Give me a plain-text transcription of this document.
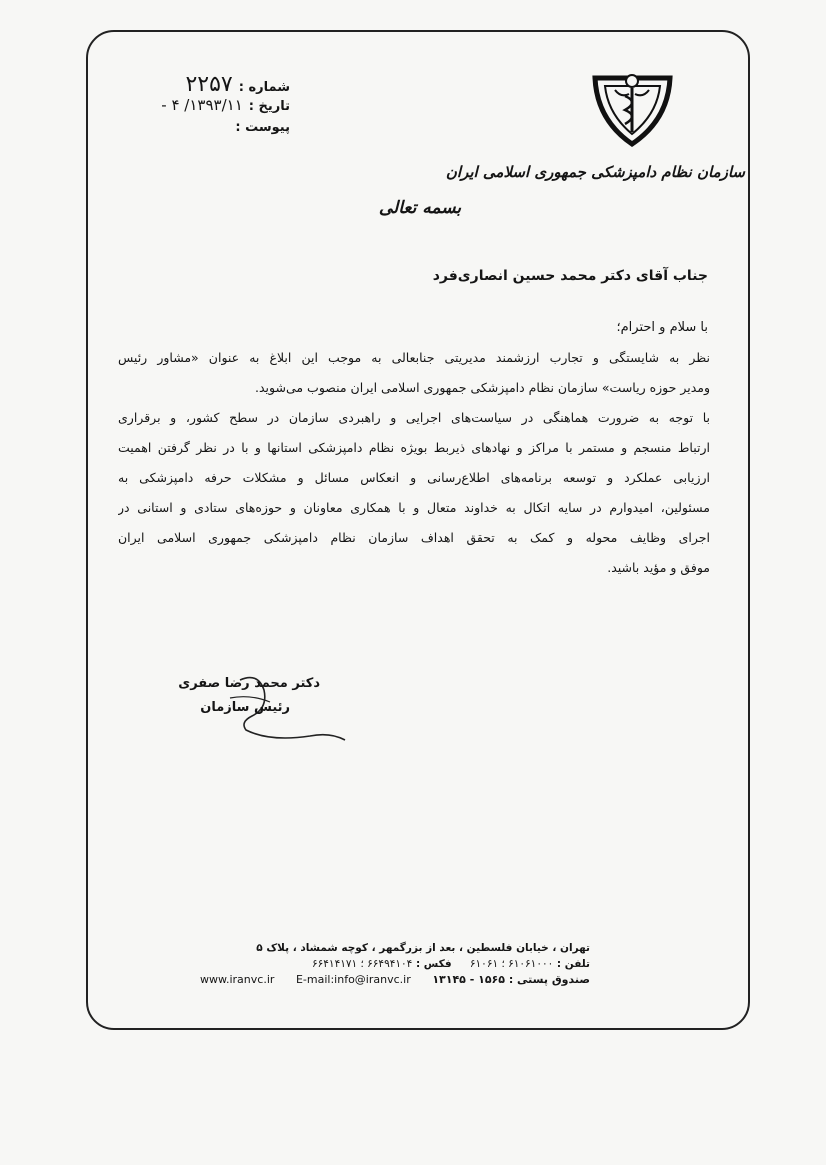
سازمان نظام دامپزشکی جمهوری اسلامی ایران
شماره :
۲۲۵۷
تاریخ :
۱۳۹۳/۱۱/ ۴ -
پیوست :
بسمه تعالی
جناب آقای دکتر محمد حسین انصاری‌فرد
با سلام و احترام؛
نظر به شایستگی و تجارب ارزشمند مدیریتی جنابعالی به موجب این ابلاغ به عنوان «مشاور رئیس
ومدیر حوزه ریاست» سازمان نظام دامپزشکی جمهوری اسلامی ایران منصوب می‌شوید.
با توجه به ضرورت هماهنگی در سیاست‌های اجرایی و راهبردی سازمان در سطح کشور، و برقراری
ارتباط منسجم و مستمر با مراکز و نهادهای ذیربط بویژه نظام دامپزشکی استانها و با در نظر گرفتن اهمیت
ارزیابی عملکرد و توسعه برنامه‌های اطلاع‌رسانی و انعکاس مسائل و مشکلات حرفه دامپزشکی به
مسئولین، امیدوارم در سایه اتکال به خداوند متعال و با همکاری معاونان و حوزه‌های ستادی و استانی در
اجرای وظایف محوله و کمک به تحقق اهداف سازمان نظام دامپزشکی جمهوری اسلامی ایران
موفق و مؤید باشید.
دکتر محمد رضا صفری
رئیس سازمان
تهران ، خیابان فلسطین ، بعد از بزرگمهر ، کوچه شمشاد ، پلاک ۵
تلفن : ۶۱۰۶۱۰۰۰ ؛ ۶۱۰۶۱     فکس : ۶۶۴۹۴۱۰۴ ؛ ۶۶۴۱۴۱۷۱
www.iranvc.ir E-mail:info@iranvc.ir	صندوق پستی : ۱۵۶۵ - ۱۳۱۴۵
